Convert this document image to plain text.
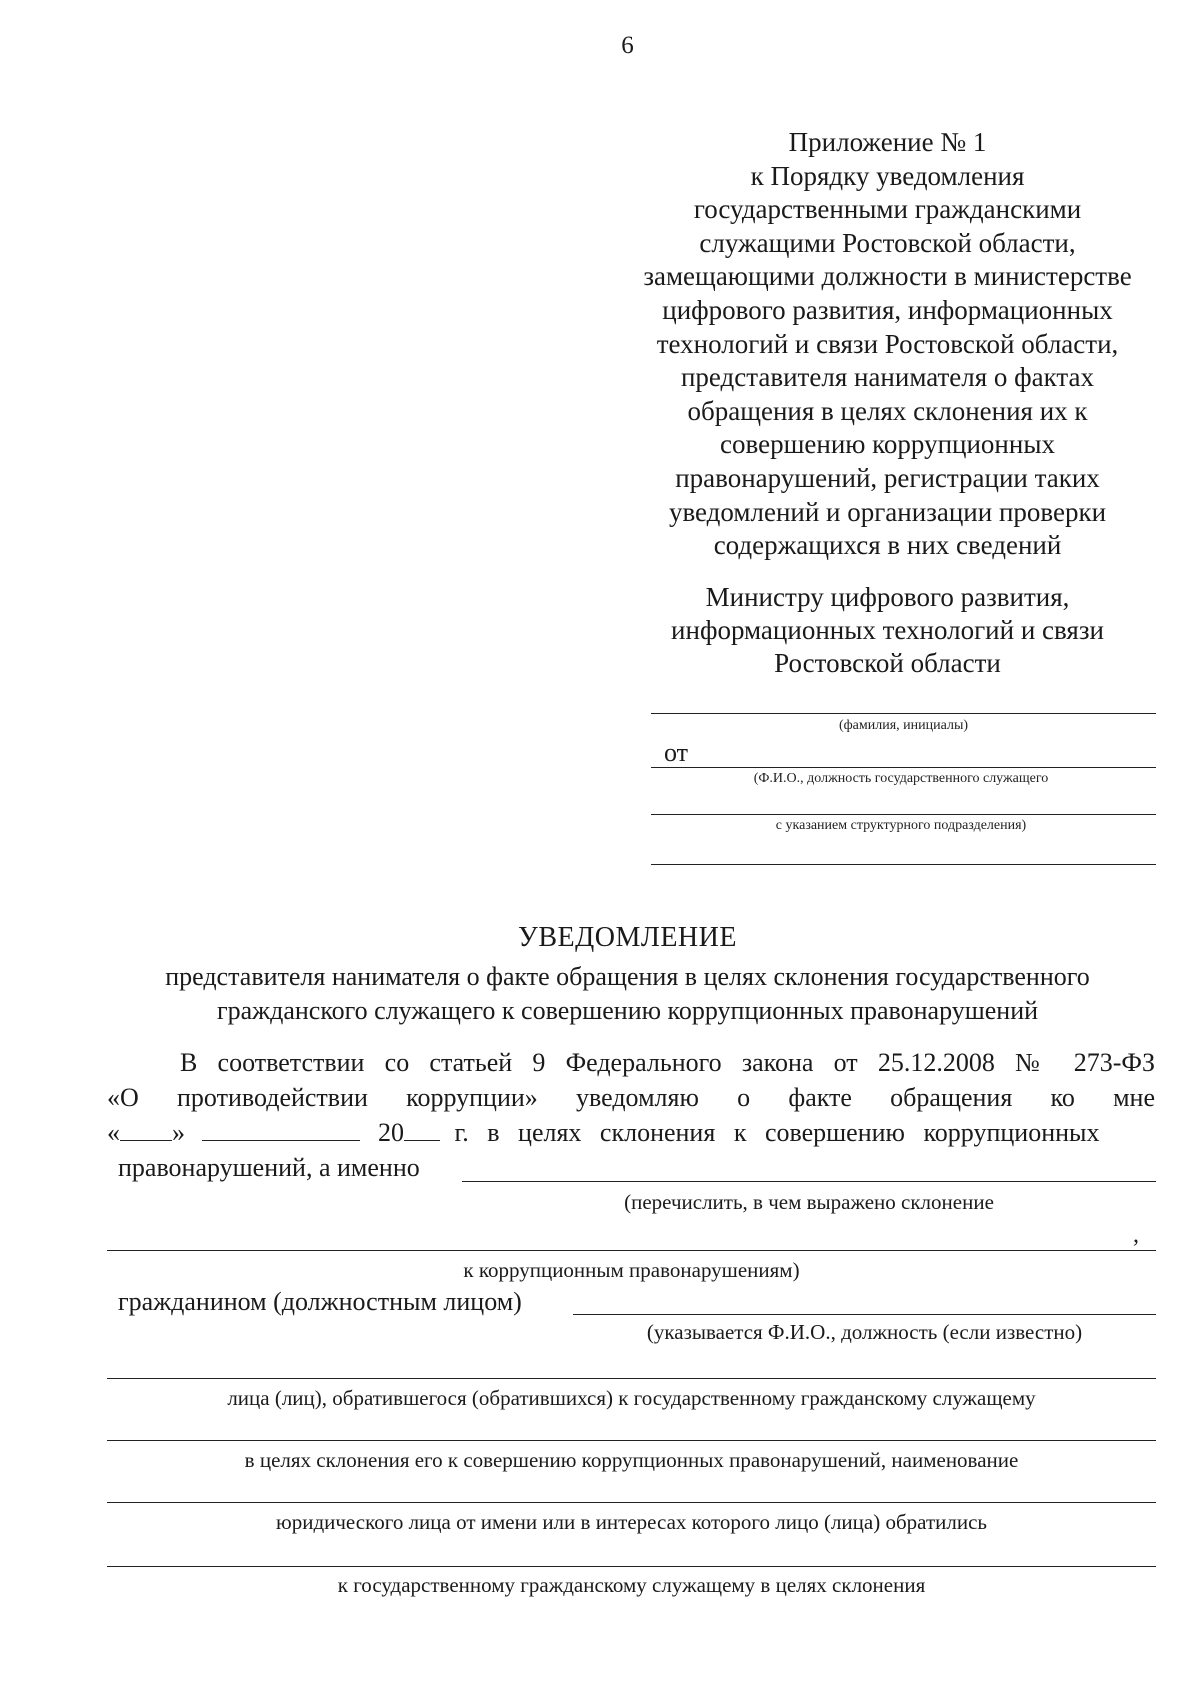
6
Приложение № 1
к Порядку уведомления
государственными гражданскими
служащими Ростовской области,
замещающими должности в министерстве
цифрового развития, информационных
технологий и связи Ростовской области,
представителя нанимателя о фактах
обращения в целях склонения их к
совершению коррупционных
правонарушений, регистрации таких
уведомлений и организации проверки
содержащихся в них сведений
Министру цифрового развития,
информационных технологий и связи
Ростовской области
(фамилия, инициалы)
от
(Ф.И.О., должность государственного служащего
с указанием структурного подразделения)
УВЕДОМЛЕНИЕ
представителя нанимателя о факте обращения в целях склонения государственного
гражданского служащего к совершению коррупционных правонарушений
В соответствии со статьей 9 Федерального закона от 25.12.2008 № 273-ФЗ
«О противодействии коррупции» уведомляю о факте обращения ко мне
« »	20 г. в целях склонения к совершению коррупционных
правонарушений, а именно
(перечислить, в чем выражено склонение
,
к коррупционным правонарушениям)
гражданином (должностным лицом)
(указывается Ф.И.О., должность (если известно)
лица (лиц), обратившегося (обратившихся) к государственному гражданскому служащему
в целях склонения его к совершению коррупционных правонарушений, наименование
юридического лица от имени или в интересах которого лицо (лица) обратились
к государственному гражданскому служащему в целях склонения
